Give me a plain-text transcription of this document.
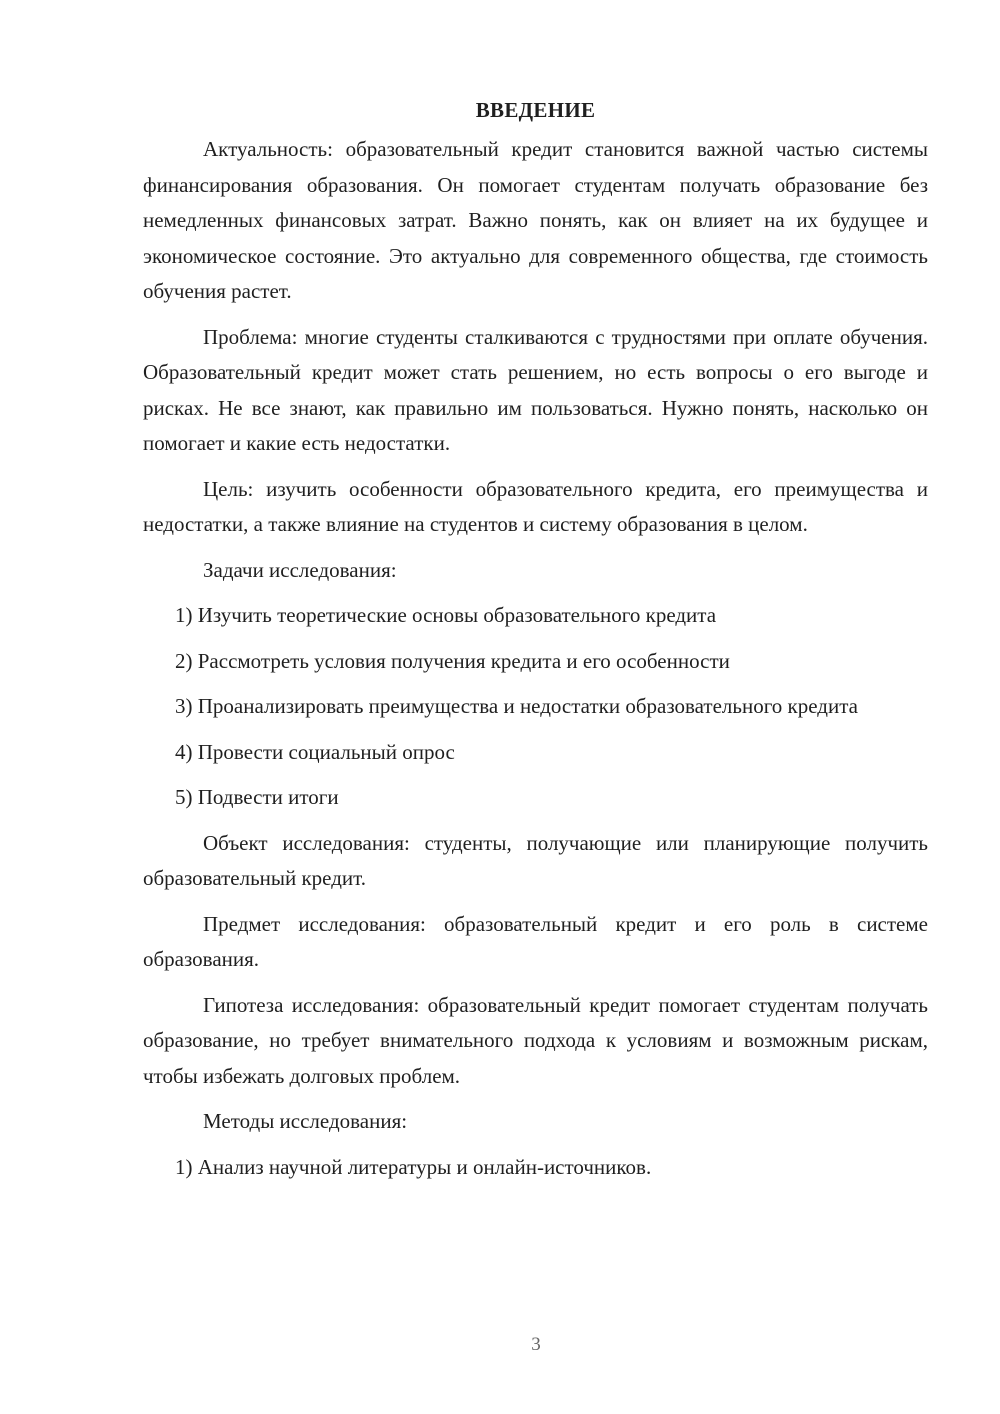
ВВЕДЕНИЕ
Актуальность: образовательный кредит становится важной частью системы финансирования образования. Он помогает студентам получать образование без немедленных финансовых затрат. Важно понять, как он влияет на их будущее и экономическое состояние. Это актуально для современного общества, где стоимость обучения растет.
Проблема: многие студенты сталкиваются с трудностями при оплате обучения. Образовательный кредит может стать решением, но есть вопросы о его выгоде и рисках. Не все знают, как правильно им пользоваться. Нужно понять, насколько он помогает и какие есть недостатки.
Цель: изучить особенности образовательного кредита, его преимущества и недостатки, а также влияние на студентов и систему образования в целом.
Задачи исследования:
1) Изучить теоретические основы образовательного кредита
2) Рассмотреть условия получения кредита и его особенности
3) Проанализировать преимущества и недостатки образовательного кредита
4) Провести социальный опрос
5) Подвести итоги
Объект исследования: студенты, получающие или планирующие получить образовательный кредит.
Предмет исследования: образовательный кредит и его роль в системе образования.
Гипотеза исследования: образовательный кредит помогает студентам получать образование, но требует внимательного подхода к условиям и возможным рискам, чтобы избежать долговых проблем.
Методы исследования:
1) Анализ научной литературы и онлайн-источников.
3
